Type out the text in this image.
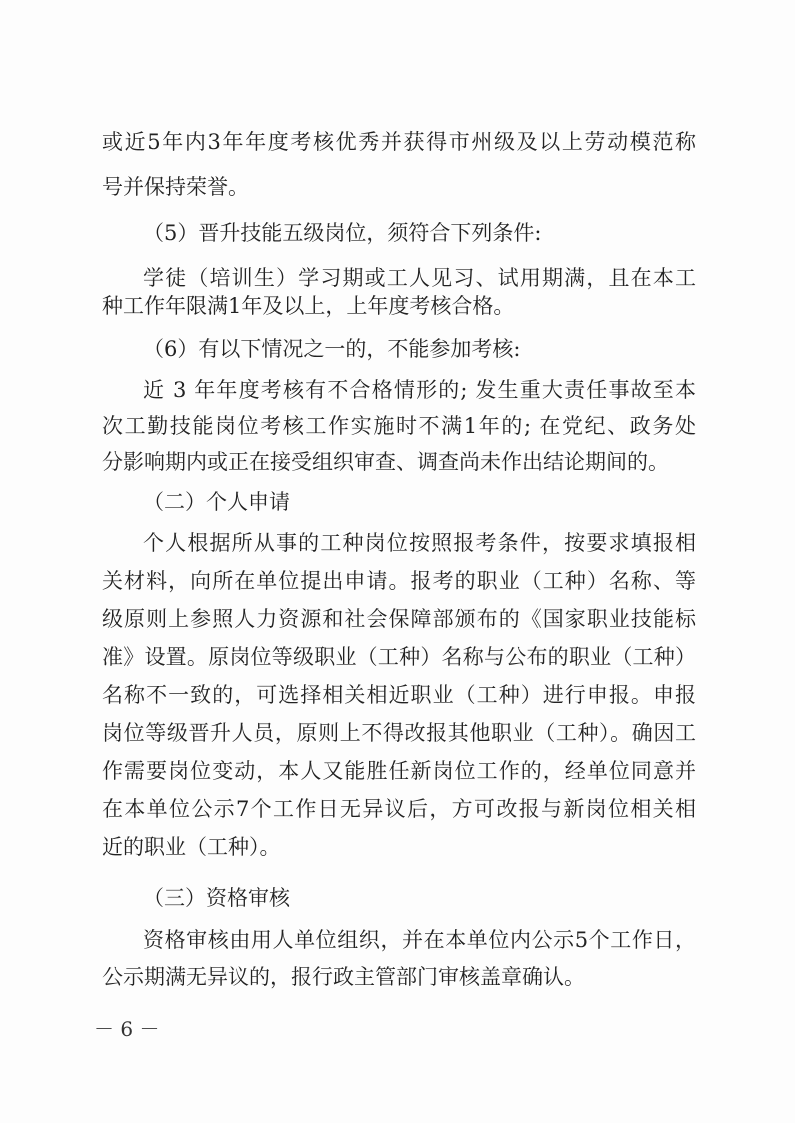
或近5年内3年年度考核优秀并获得市州级及以上劳动模范称
号并保持荣誉。
（5）晋升技能五级岗位，须符合下列条件:
学徒（培训生）学习期或工人见习、试用期满，且在本工
种工作年限满1年及以上，上年度考核合格。
（6）有以下情况之一的，不能参加考核:
近 3 年年度考核有不合格情形的; 发生重大责任事故至本
次工勤技能岗位考核工作实施时不满1年的; 在党纪、政务处
分影响期内或正在接受组织审查、调查尚未作出结论期间的。
（二）个人申请
个人根据所从事的工种岗位按照报考条件，按要求填报相
关材料，向所在单位提出申请。报考的职业（工种）名称、等
级原则上参照人力资源和社会保障部颁布的《国家职业技能标
准》设置。原岗位等级职业（工种）名称与公布的职业（工种）
名称不一致的，可选择相关相近职业（工种）进行申报。申报
岗位等级晋升人员，原则上不得改报其他职业（工种）。确因工
作需要岗位变动，本人又能胜任新岗位工作的，经单位同意并
在本单位公示7个工作日无异议后，方可改报与新岗位相关相
近的职业（工种）。
（三）资格审核
资格审核由用人单位组织，并在本单位内公示5个工作日，
公示期满无异议的，报行政主管部门审核盖章确认。
－ 6 －
